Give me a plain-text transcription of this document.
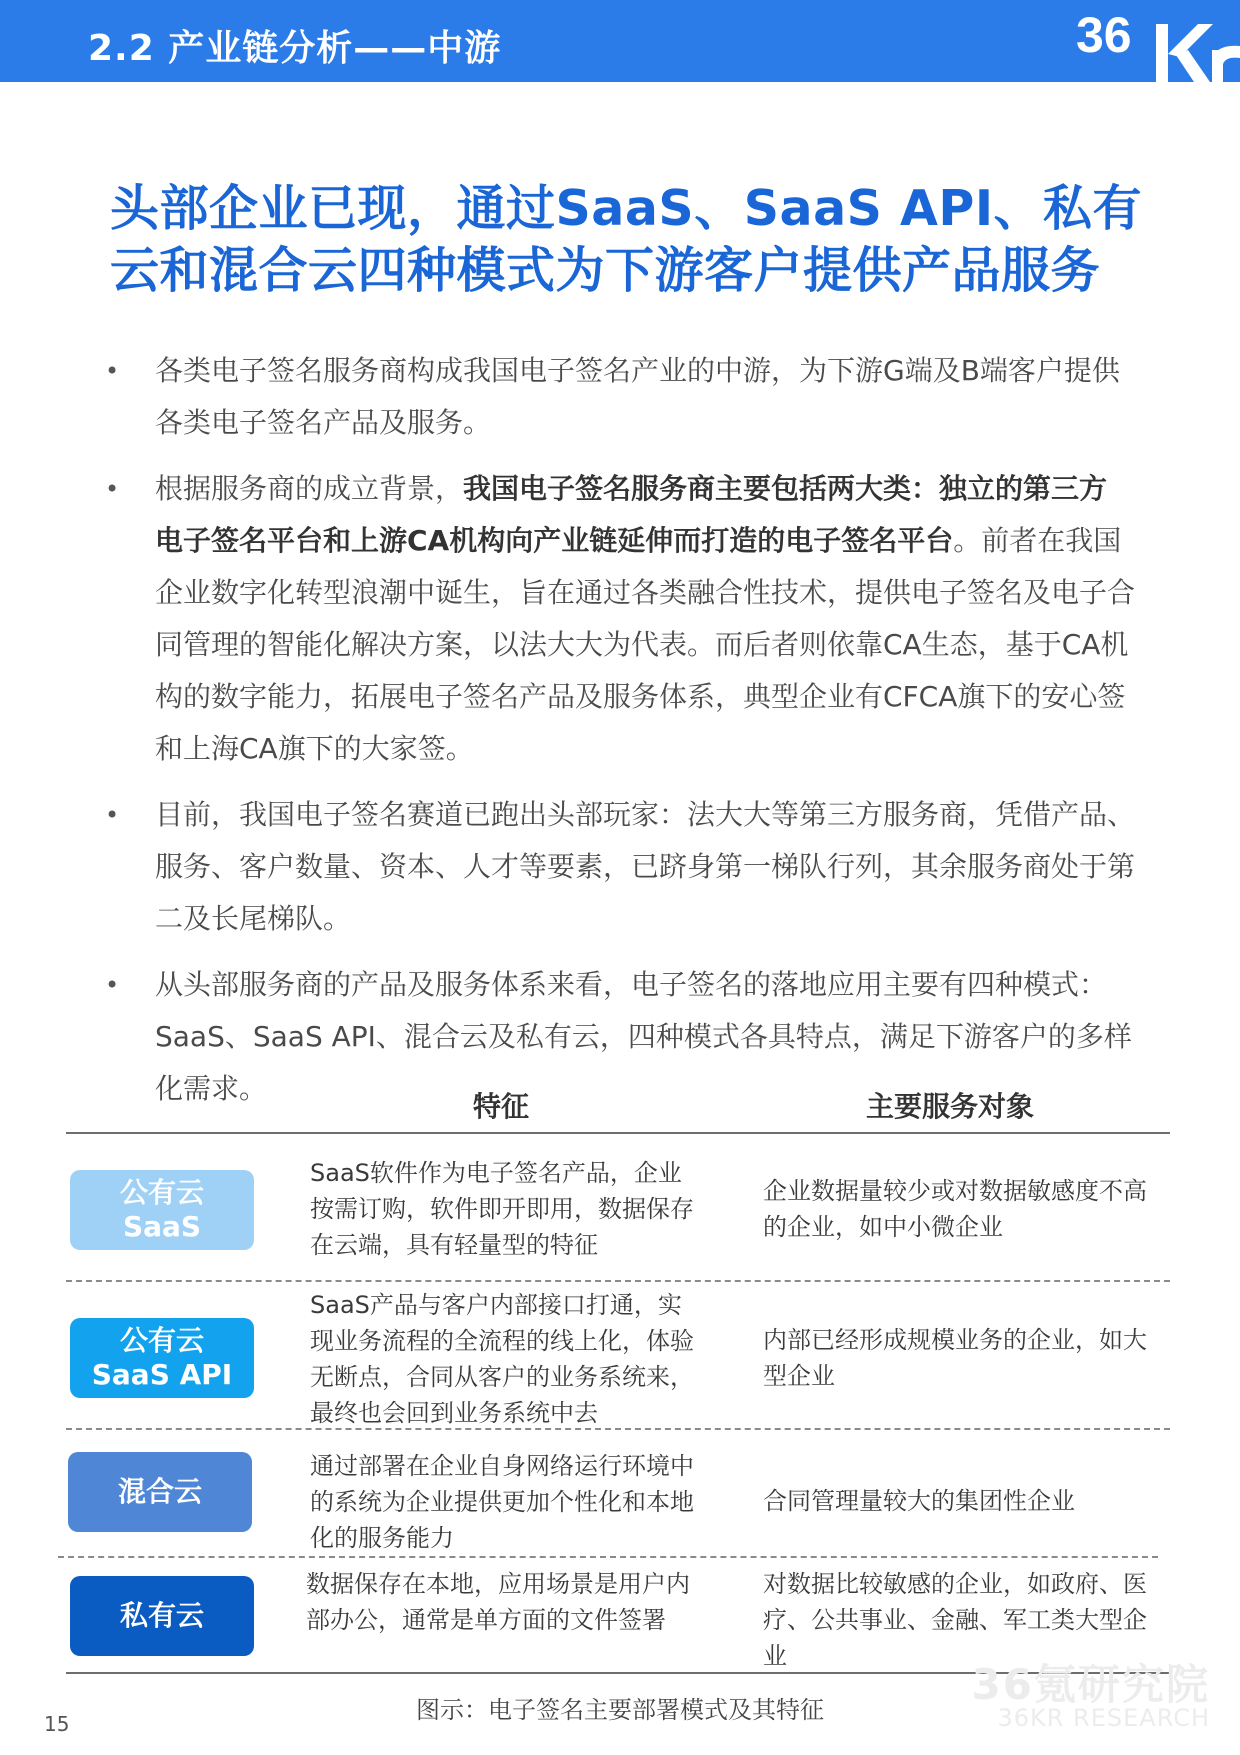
2.2 产业链分析——中游	36
头部企业已现，通过SaaS、SaaS API、私有
云和混合云四种模式为下游客户提供产品服务
• 各类电子签名服务商构成我国电子签名产业的中游，为下游G端及B端客户提供各类电子签名产品及服务。
• 根据服务商的成立背景，我国电子签名服务商主要包括两大类：独立的第三方电子签名平台和上游CA机构向产业链延伸而打造的电子签名平台。前者在我国企业数字化转型浪潮中诞生，旨在通过各类融合性技术，提供电子签名及电子合同管理的智能化解决方案，以法大大为代表。而后者则依靠CA生态，基于CA机构的数字能力，拓展电子签名产品及服务体系，典型企业有CFCA旗下的安心签和上海CA旗下的大家签。
• 目前，我国电子签名赛道已跑出头部玩家：法大大等第三方服务商，凭借产品、服务、客户数量、资本、人才等要素，已跻身第一梯队行列，其余服务商处于第二及长尾梯队。
• 从头部服务商的产品及服务体系来看，电子签名的落地应用主要有四种模式：SaaS、SaaS API、混合云及私有云，四种模式各具特点，满足下游客户的多样化需求。
特征	主要服务对象
公有云
SaaS
SaaS软件作为电子签名产品，企业按需订购，软件即开即用，数据保存在云端，具有轻量型的特征
企业数据量较少或对数据敏感度不高的企业，如中小微企业
公有云
SaaS API
SaaS产品与客户内部接口打通，实现业务流程的全流程的线上化，体验无断点，合同从客户的业务系统来，最终也会回到业务系统中去
内部已经形成规模业务的企业，如大型企业
混合云
通过部署在企业自身网络运行环境中的系统为企业提供更加个性化和本地化的服务能力
合同管理量较大的集团性企业
私有云
数据保存在本地，应用场景是用户内部办公，通常是单方面的文件签署
对数据比较敏感的企业，如政府、医疗、公共事业、金融、军工类大型企业
36氪研究院
36KR RESEARCH
图示：电子签名主要部署模式及其特征
15
